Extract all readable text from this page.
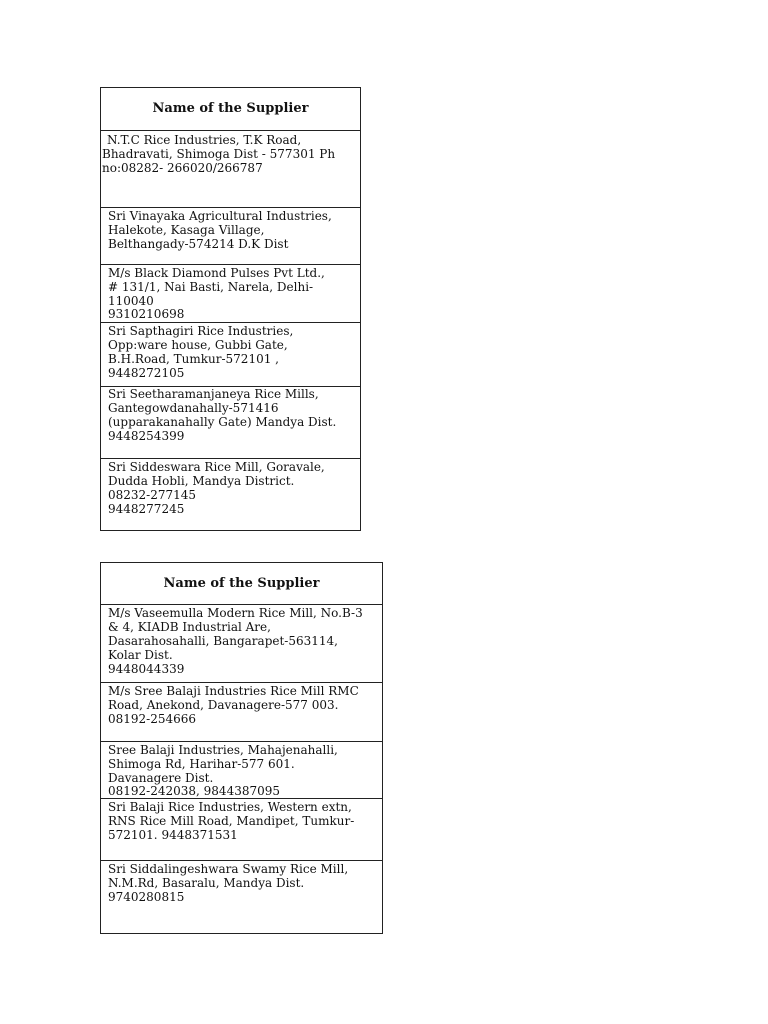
Name of the Supplier
N.T.C Rice Industries, T.K Road,
Bhadravati, Shimoga Dist - 577301 Ph
no:08282- 266020/266787
Sri Vinayaka Agricultural Industries,
Halekote, Kasaga Village,
Belthangady-574214 D.K Dist
M/s Black Diamond Pulses Pvt Ltd.,
# 131/1, Nai Basti, Narela, Delhi-
110040
9310210698
Sri Sapthagiri Rice Industries,
Opp:ware house, Gubbi Gate,
B.H.Road, Tumkur-572101 ,
9448272105
Sri Seetharamanjaneya Rice Mills,
Gantegowdanahally-571416
(upparakanahally Gate) Mandya Dist.
9448254399
Sri Siddeswara Rice Mill, Goravale,
Dudda Hobli, Mandya District.
08232-277145
9448277245
Name of the Supplier
M/s Vaseemulla Modern Rice Mill, No.B-3
& 4, KIADB Industrial Are,
Dasarahosahalli, Bangarapet-563114,
Kolar Dist.
9448044339
M/s Sree Balaji Industries Rice Mill RMC
Road, Anekond, Davanagere-577 003.
08192-254666
Sree Balaji Industries, Mahajenahalli,
Shimoga Rd, Harihar-577 601.
Davanagere Dist.
08192-242038, 9844387095
Sri Balaji Rice Industries, Western extn,
RNS Rice Mill Road, Mandipet, Tumkur-
572101. 9448371531
Sri Siddalingeshwara Swamy Rice Mill,
N.M.Rd, Basaralu, Mandya Dist.
9740280815
